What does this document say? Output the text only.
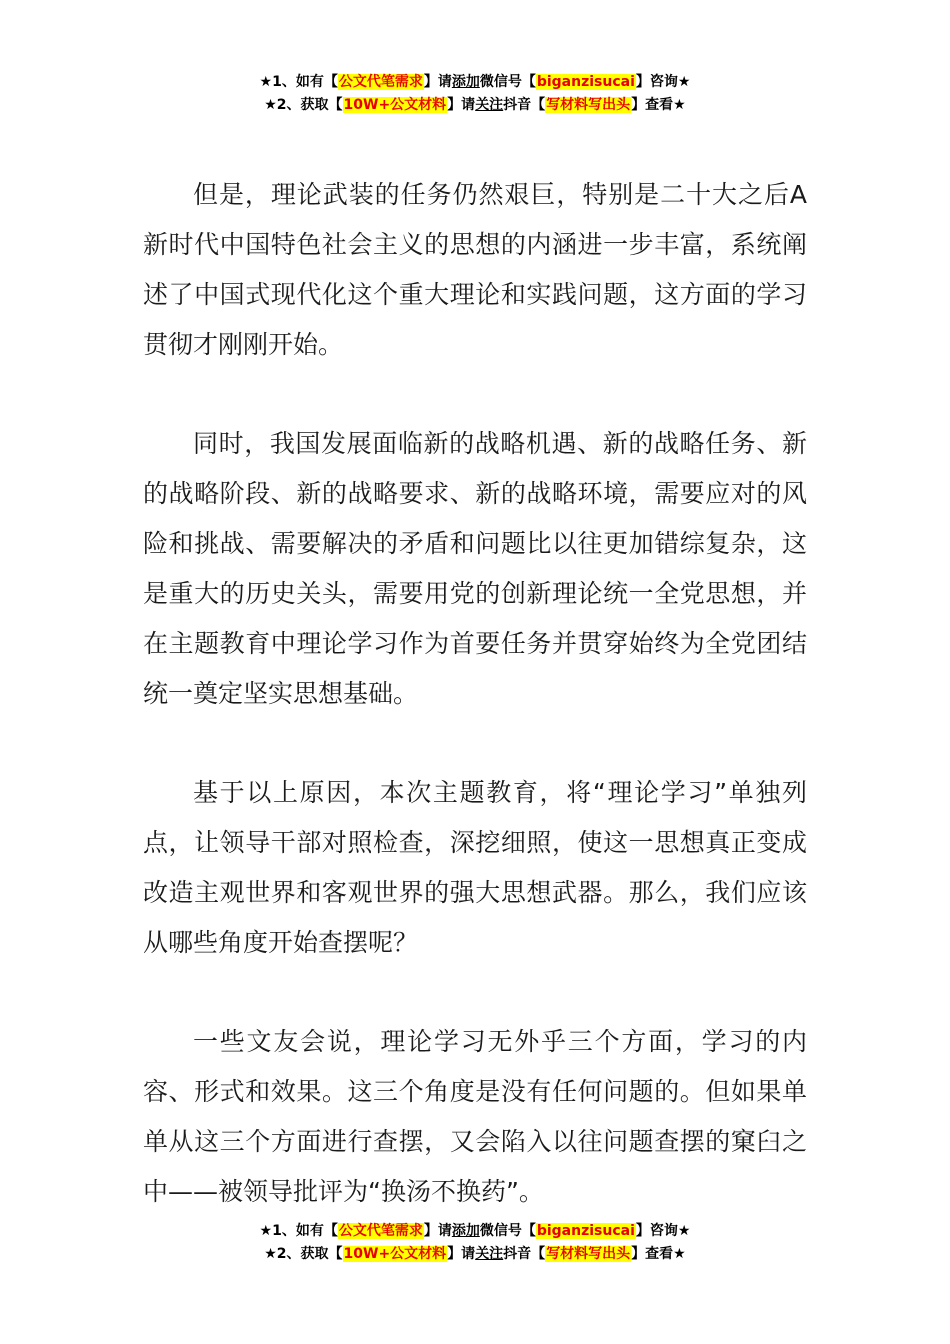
★1、如有【公文代笔需求】请添加微信号【biganzisucai】咨询★
★2、获取【10W+公文材料】请关注抖音【写材料写出头】查看★

但是，理论武装的任务仍然艰巨，特别是二十大之后A新时代中国特色社会主义的思想的内涵进一步丰富，系统阐述了中国式现代化这个重大理论和实践问题，这方面的学习贯彻才刚刚开始。

同时，我国发展面临新的战略机遇、新的战略任务、新的战略阶段、新的战略要求、新的战略环境，需要应对的风险和挑战、需要解决的矛盾和问题比以往更加错综复杂，这是重大的历史关头，需要用党的创新理论统一全党思想，并在主题教育中理论学习作为首要任务并贯穿始终为全党团结统一奠定坚实思想基础。

基于以上原因，本次主题教育，将“理论学习”单独列点，让领导干部对照检查，深挖细照，使这一思想真正变成改造主观世界和客观世界的强大思想武器。那么，我们应该从哪些角度开始查摆呢？

一些文友会说，理论学习无外乎三个方面，学习的内容、形式和效果。这三个角度是没有任何问题的。但如果单单从这三个方面进行查摆，又会陷入以往问题查摆的窠臼之中——被领导批评为“换汤不换药”。

★1、如有【公文代笔需求】请添加微信号【biganzisucai】咨询★
★2、获取【10W+公文材料】请关注抖音【写材料写出头】查看★
